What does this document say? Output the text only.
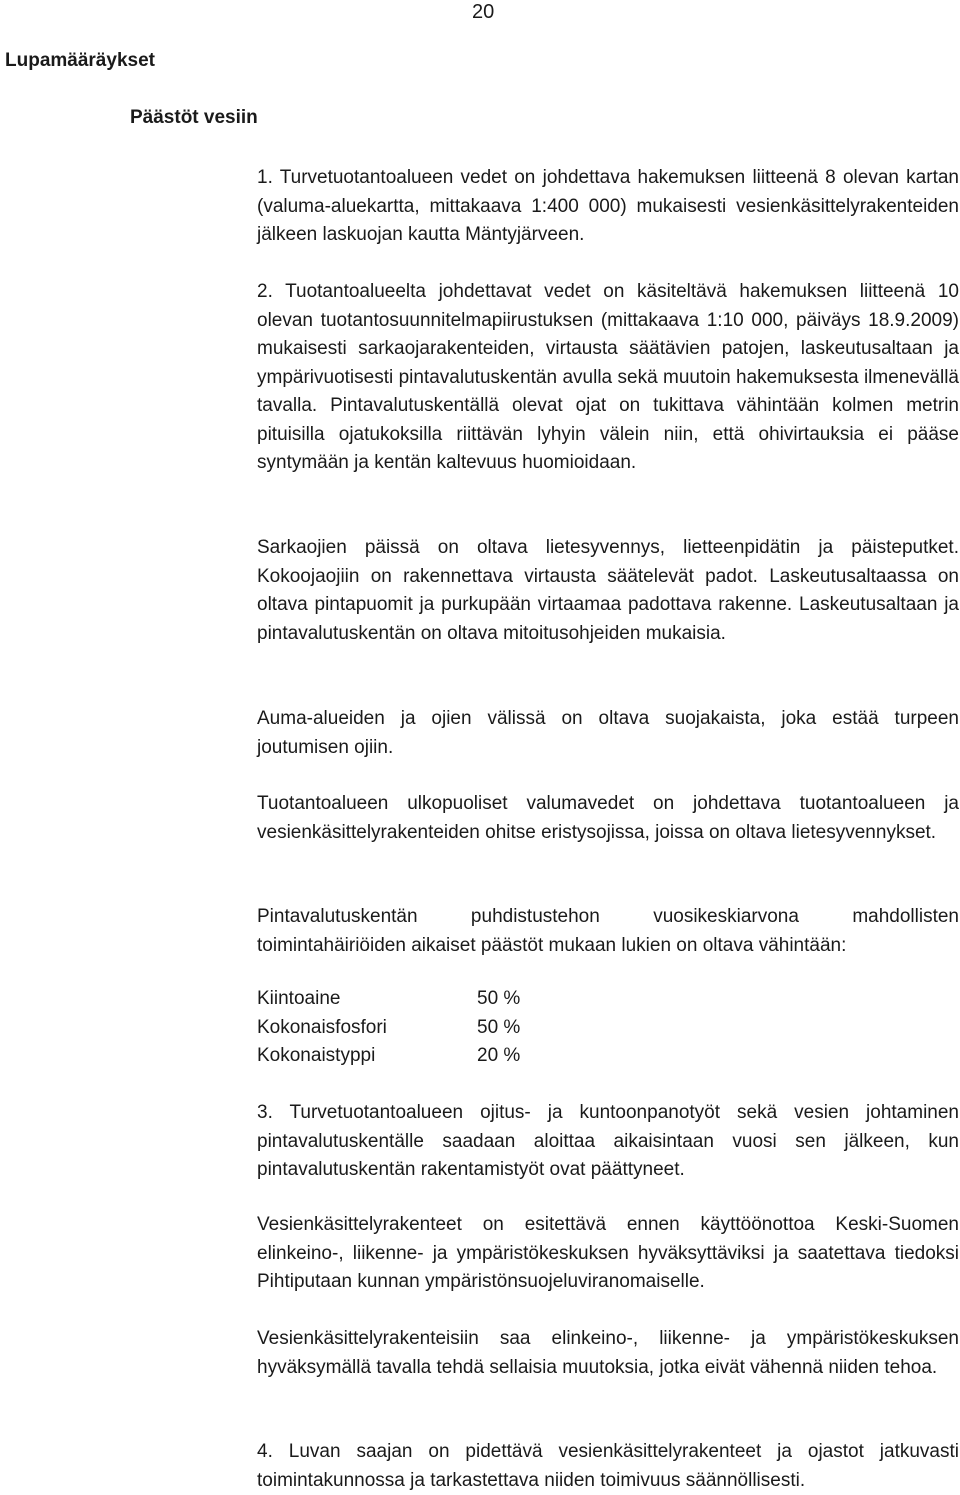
20
Lupamääräykset
Päästöt vesiin

1. Turvetuotantoalueen vedet on johdettava hakemuksen liitteenä 8 olevan kartan (valuma-aluekartta, mittakaava 1:400 000) mukaisesti vesienkäsittelyrakenteiden jälkeen laskuojan kautta Mäntyjärveen.

2. Tuotantoalueelta johdettavat vedet on käsiteltävä hakemuksen liitteenä 10 olevan tuotantosuunnitelmapiirustuksen (mittakaava 1:10 000, päiväys 18.9.2009) mukaisesti sarkaojarakenteiden, virtausta säätävien patojen, laskeutusaltaan ja ympärivuotisesti pintavalutuskentän avulla sekä muutoin hakemuksesta ilmenevällä tavalla. Pintavalutuskentällä olevat ojat on tukittava vähintään kolmen metrin pituisilla ojatukoksilla riittävän lyhyin välein niin, että ohivirtauksia ei pääse syntymään ja kentän kaltevuus huomioidaan.

Sarkaojien päissä on oltava lietesyvennys, lietteenpidätin ja päisteputket. Kokoojaojiin on rakennettava virtausta säätelevät padot. Laskeutusaltaassa on oltava pintapuomit ja purkupään virtaamaa padottava rakenne. Laskeutusaltaan ja pintavalutuskentän on oltava mitoitusohjeiden mukaisia.

Auma-alueiden ja ojien välissä on oltava suojakaista, joka estää turpeen joutumisen ojiin.

Tuotantoalueen ulkopuoliset valumavedet on johdettava tuotantoalueen ja vesienkäsittelyrakenteiden ohitse eristysojissa, joissa on oltava lietesyvennykset.

Pintavalutuskentän puhdistustehon vuosikeskiarvona mahdollisten toimintahäiriöiden aikaiset päästöt mukaan lukien on oltava vähintään:

Kiintoaine	50 %
Kokonaisfosfori	50 %
Kokonaistyppi	20 %

3. Turvetuotantoalueen ojitus- ja kuntoonpanotyöt sekä vesien johtaminen pintavalutuskentälle saadaan aloittaa aikaisintaan vuosi sen jälkeen, kun pintavalutuskentän rakentamistyöt ovat päättyneet.

Vesienkäsittelyrakenteet on esitettävä ennen käyttöönottoa Keski-Suomen elinkeino-, liikenne- ja ympäristökeskuksen hyväksyttäviksi ja saatettava tiedoksi Pihtiputaan kunnan ympäristönsuojeluviranomaiselle.

Vesienkäsittelyrakenteisiin saa elinkeino-, liikenne- ja ympäristökeskuksen hyväksymällä tavalla tehdä sellaisia muutoksia, jotka eivät vähennä niiden tehoa.

4. Luvan saajan on pidettävä vesienkäsittelyrakenteet ja ojastot jatkuvasti toimintakunnossa ja tarkastettava niiden toimivuus säännöllisesti.
